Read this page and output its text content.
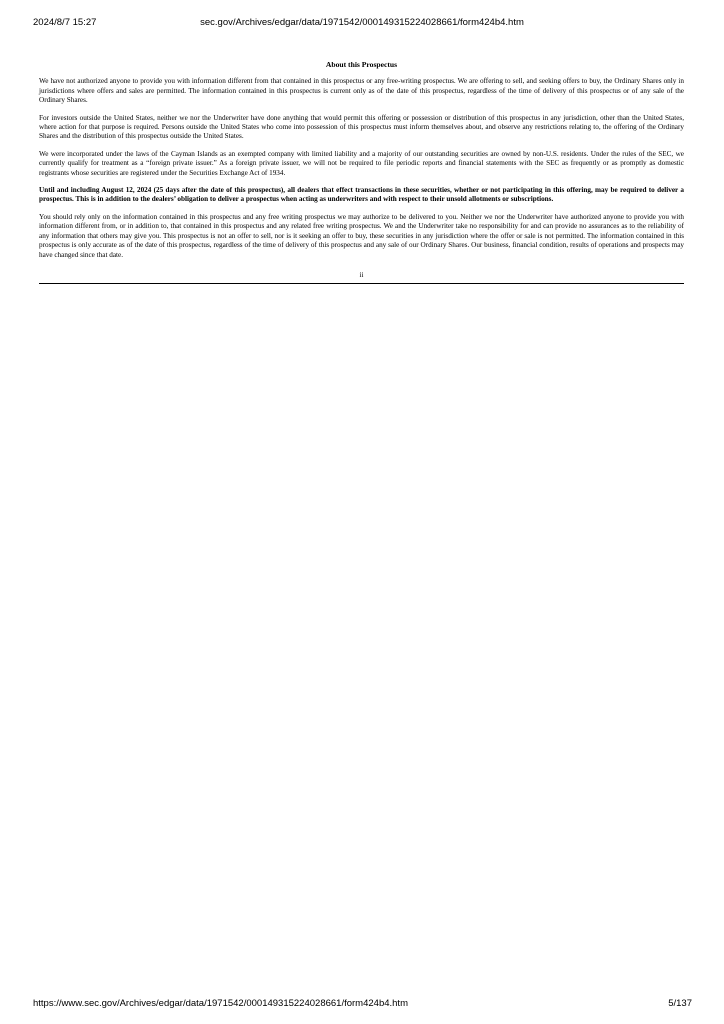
2024/8/7 15:27	sec.gov/Archives/edgar/data/1971542/000149315224028661/form424b4.htm
About this Prospectus

We have not authorized anyone to provide you with information different from that contained in this prospectus or any free-writing prospectus. We are offering to sell, and seeking offers to buy, the Ordinary Shares only in jurisdictions where offers and sales are permitted. The information contained in this prospectus is current only as of the date of this prospectus, regardless of the time of delivery of this prospectus or of any sale of the Ordinary Shares.

For investors outside the United States, neither we nor the Underwriter have done anything that would permit this offering or possession or distribution of this prospectus in any jurisdiction, other than the United States, where action for that purpose is required. Persons outside the United States who come into possession of this prospectus must inform themselves about, and observe any restrictions relating to, the offering of the Ordinary Shares and the distribution of this prospectus outside the United States.

We were incorporated under the laws of the Cayman Islands as an exempted company with limited liability and a majority of our outstanding securities are owned by non-U.S. residents. Under the rules of the SEC, we currently qualify for treatment as a “foreign private issuer.” As a foreign private issuer, we will not be required to file periodic reports and financial statements with the SEC as frequently or as promptly as domestic registrants whose securities are registered under the Securities Exchange Act of 1934.

Until and including August 12, 2024 (25 days after the date of this prospectus), all dealers that effect transactions in these securities, whether or not participating in this offering, may be required to deliver a prospectus. This is in addition to the dealers’ obligation to deliver a prospectus when acting as underwriters and with respect to their unsold allotments or subscriptions.

You should rely only on the information contained in this prospectus and any free writing prospectus we may authorize to be delivered to you. Neither we nor the Underwriter have authorized anyone to provide you with information different from, or in addition to, that contained in this prospectus and any related free writing prospectus. We and the Underwriter take no responsibility for and can provide no assurances as to the reliability of any information that others may give you. This prospectus is not an offer to sell, nor is it seeking an offer to buy, these securities in any jurisdiction where the offer or sale is not permitted. The information contained in this prospectus is only accurate as of the date of this prospectus, regardless of the time of delivery of this prospectus and any sale of our Ordinary Shares. Our business, financial condition, results of operations and prospects may have changed since that date.

ii
https://www.sec.gov/Archives/edgar/data/1971542/000149315224028661/form424b4.htm	5/137
